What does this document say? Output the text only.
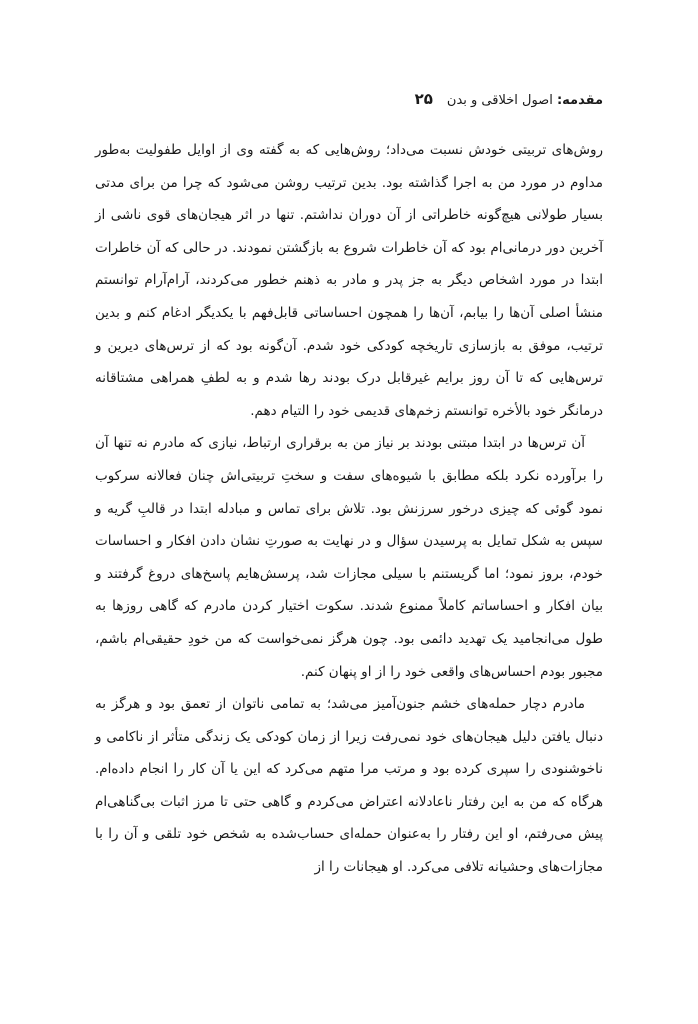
مقدمه: اصول اخلاقی و بدن
۲۵

روش‌های تربیتی خودش نسبت می‌داد؛ روش‌هایی که به گفته وی از اوایل طفولیت به‌طور مداوم در مورد من به اجرا گذاشته بود. بدین ترتیب روشن می‌شود که چرا من برای مدتی بسیار طولانی هیچ‌گونه خاطراتی از آن دوران نداشتم. تنها در اثر هیجان‌های قوی ناشی از آخرین دور درمانی‌ام بود که آن خاطرات شروع به بازگشتن نمودند. در حالی که آن خاطرات ابتدا در مورد اشخاص دیگر به جز پدر و مادر به ذهنم خطور می‌کردند، آرام‌آرام توانستم منشأ اصلی آن‌ها را بیابم، آن‌ها را همچون احساساتی قابل‌فهم با یکدیگر ادغام کنم و بدین ترتیب، موفق به بازسازی تاریخچه کودکی خود شدم. آن‌گونه بود که از ترس‌های دیرین و ترس‌هایی که تا آن روز برایم غیرقابل درک بودند رها شدم و به لطفِ همراهی مشتاقانه درمانگر خود بالأخره توانستم زخم‌های قدیمی خود را التیام دهم.

آن ترس‌ها در ابتدا مبتنی بودند بر نیاز من به برقراری ارتباط، نیازی که مادرم نه تنها آن را برآورده نکرد بلکه مطابق با شیوه‌های سفت و سختِ تربیتی‌اش چنان فعالانه سرکوب نمود گوئی که چیزی درخور سرزنش بود. تلاش برای تماس و مبادله ابتدا در قالبِ گریه و سپس به شکل تمایل به پرسیدن سؤال و در نهایت به صورتِ نشان دادن افکار و احساسات خودم، بروز نمود؛ اما گریستنم با سیلی مجازات شد، پرسش‌هایم پاسخ‌های دروغ گرفتند و بیان افکار و احساساتم کاملاً ممنوع شدند. سکوت اختیار کردن مادرم که گاهی روزها به طول می‌انجامید یک تهدید دائمی بود. چون هرگز نمی‌خواست که من خودِ حقیقی‌ام باشم، مجبور بودم احساس‌های واقعی خود را از او پنهان کنم.

مادرم دچار حمله‌های خشم جنون‌آمیز می‌شد؛ به تمامی ناتوان از تعمق بود و هرگز به دنبال یافتن دلیل هیجان‌های خود نمی‌رفت زیرا از زمان کودکی یک زندگی متأثر از ناکامی و ناخوشنودی را سپری کرده بود و مرتب مرا متهم می‌کرد که این یا آن کار را انجام داده‌ام. هرگاه که من به این رفتار ناعادلانه اعتراض می‌کردم و گاهی حتی تا مرز اثبات بی‌گناهی‌ام پیش می‌رفتم، او این رفتار را به‌عنوان حمله‌ای حساب‌شده به شخص خود تلقی و آن را با مجازات‌های وحشیانه تلافی می‌کرد. او هیجانات را از
